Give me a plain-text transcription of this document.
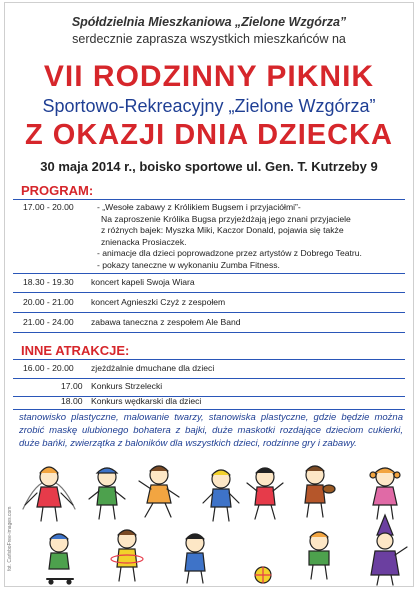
Spółdzielnia Mieszkaniowa „Zielone Wzgórza”
serdecznie zaprasza wszystkich mieszkańców na
VII RODZINNY PIKNIK
Sportowo-Rekreacyjny „Zielone Wzgórza”
Z OKAZJI DNIA DZIECKA
30 maja 2014 r., boisko sportowe ul. Gen. T. Kutrzeby 9
PROGRAM:
17.00 - 20.00	- „Wesołe zabawy z Królikiem Bugsem i przyjaciółmi”-
Na zaproszenie Królika Bugsa przyjeżdżają jego znani przyjaciele
z różnych bajek: Myszka Miki, Kaczor Donald, pojawia się także
znienacka Prosiaczek.
- animacje dla dzieci poprowadzone przez artystów z Dobrego Teatru.
- pokazy taneczne w wykonaniu Zumba Fitness.
18.30 - 19.30	koncert kapeli Swoja Wiara
20.00 - 21.00	koncert Agnieszki Czyż z zespołem
21.00 - 24.00	zabawa taneczna z zespołem Ale Band
INNE ATRAKCJE:
16.00 - 20.00	zjeżdżalnie dmuchane dla dzieci
17.00 Konkurs Strzelecki
18.00 Konkurs wędkarski dla dzieci
stanowisko plastyczne, malowanie twarzy, stanowiska plastyczne, gdzie będzie można zrobić maskę ulubionego bohatera z bajki, duże maskotki rozdające dzieciom cukierki, duże bańki, zwierzątka z baloników dla wszystkich dzieci, rodzinne gry i zabawy.
fot. CarlsboFree-images.com
